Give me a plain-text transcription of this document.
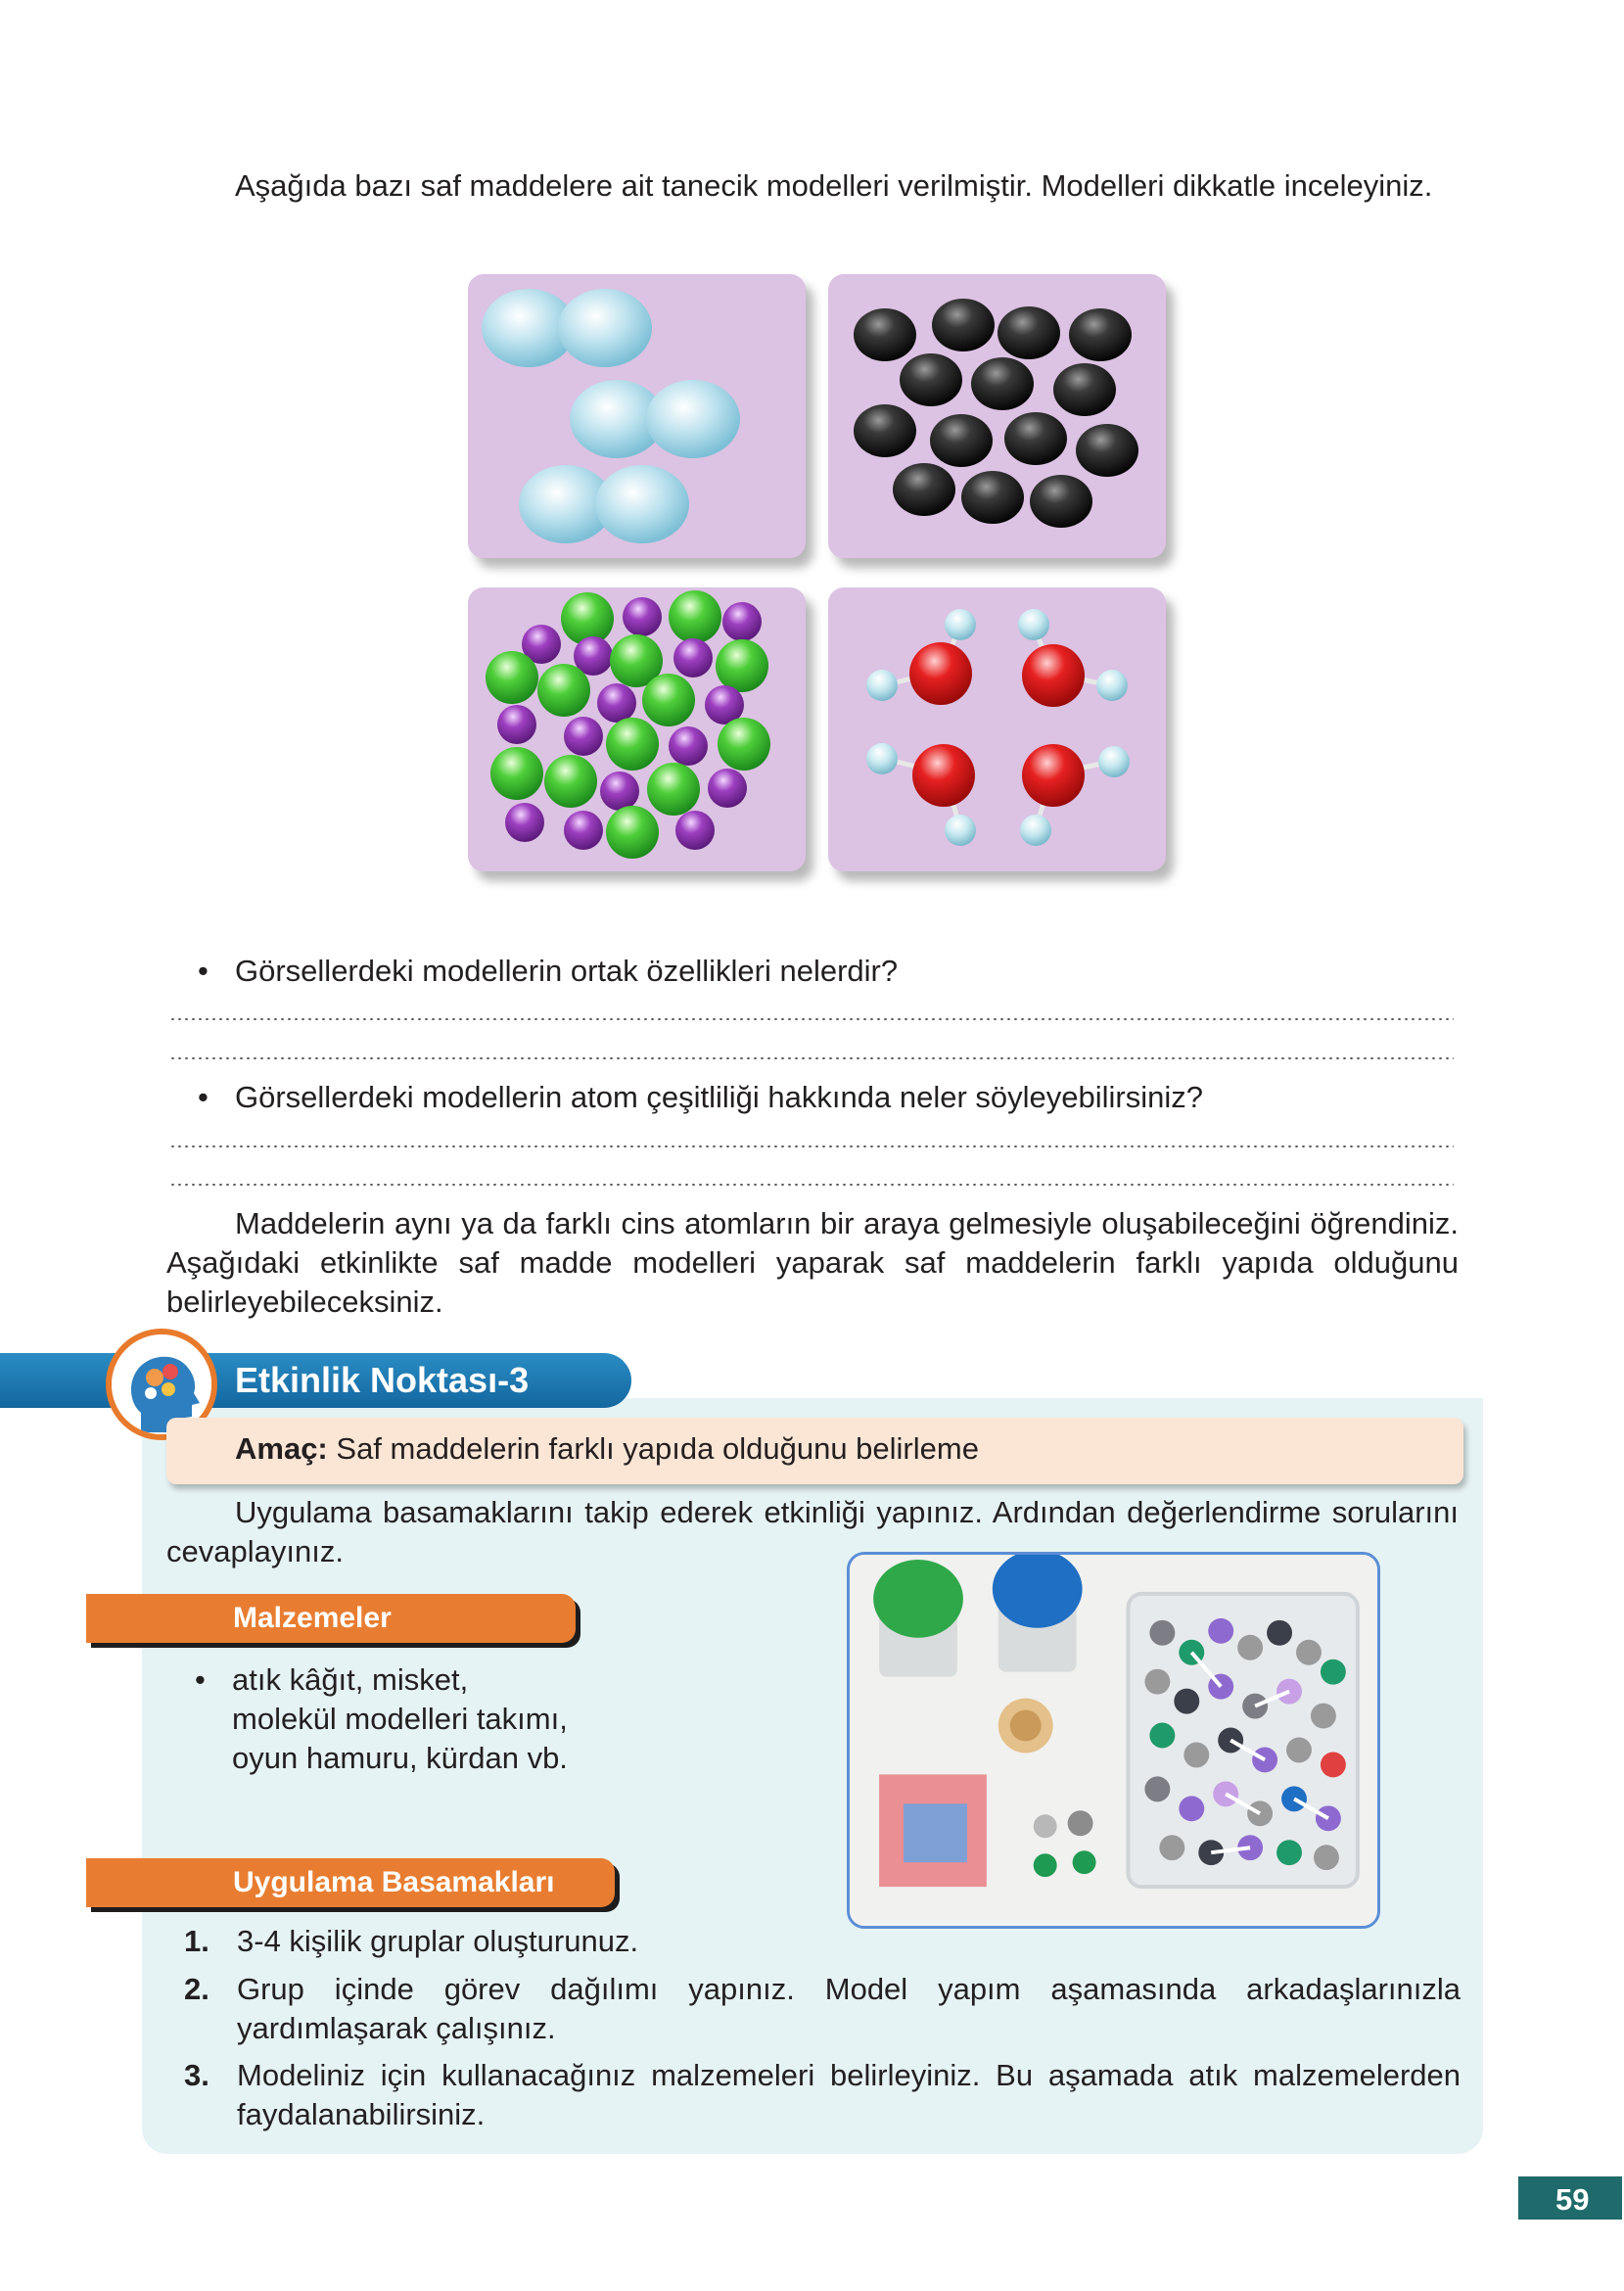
Aşağıda bazı saf maddelere ait tanecik modelleri verilmiştir. Modelleri dikkatle inceleyiniz.
• Görsellerdeki modellerin ortak özellikleri nelerdir?
• Görsellerdeki modellerin atom çeşitliliği hakkında neler söyleyebilirsiniz?
Maddelerin aynı ya da farklı cins atomların bir araya gelmesiyle oluşabileceğini öğrendiniz. Aşağıdaki etkinlikte saf madde modelleri yaparak saf maddelerin farklı yapıda olduğunu belirleyebileceksiniz.
Etkinlik Noktası-3
Amaç: Saf maddelerin farklı yapıda olduğunu belirleme
Uygulama basamaklarını takip ederek etkinliği yapınız. Ardından değerlendirme sorularını cevaplayınız.
Malzemeler
• atık kâğıt, misket,
molekül modelleri takımı,
oyun hamuru, kürdan vb.
Uygulama Basamakları
1. 3-4 kişilik gruplar oluşturunuz.
2. Grup içinde görev dağılımı yapınız. Model yapım aşamasında arkadaşlarınızla yardımlaşarak çalışınız.
3. Modeliniz için kullanacağınız malzemeleri belirleyiniz. Bu aşamada atık malzemelerden faydalanabilirsiniz.
59
